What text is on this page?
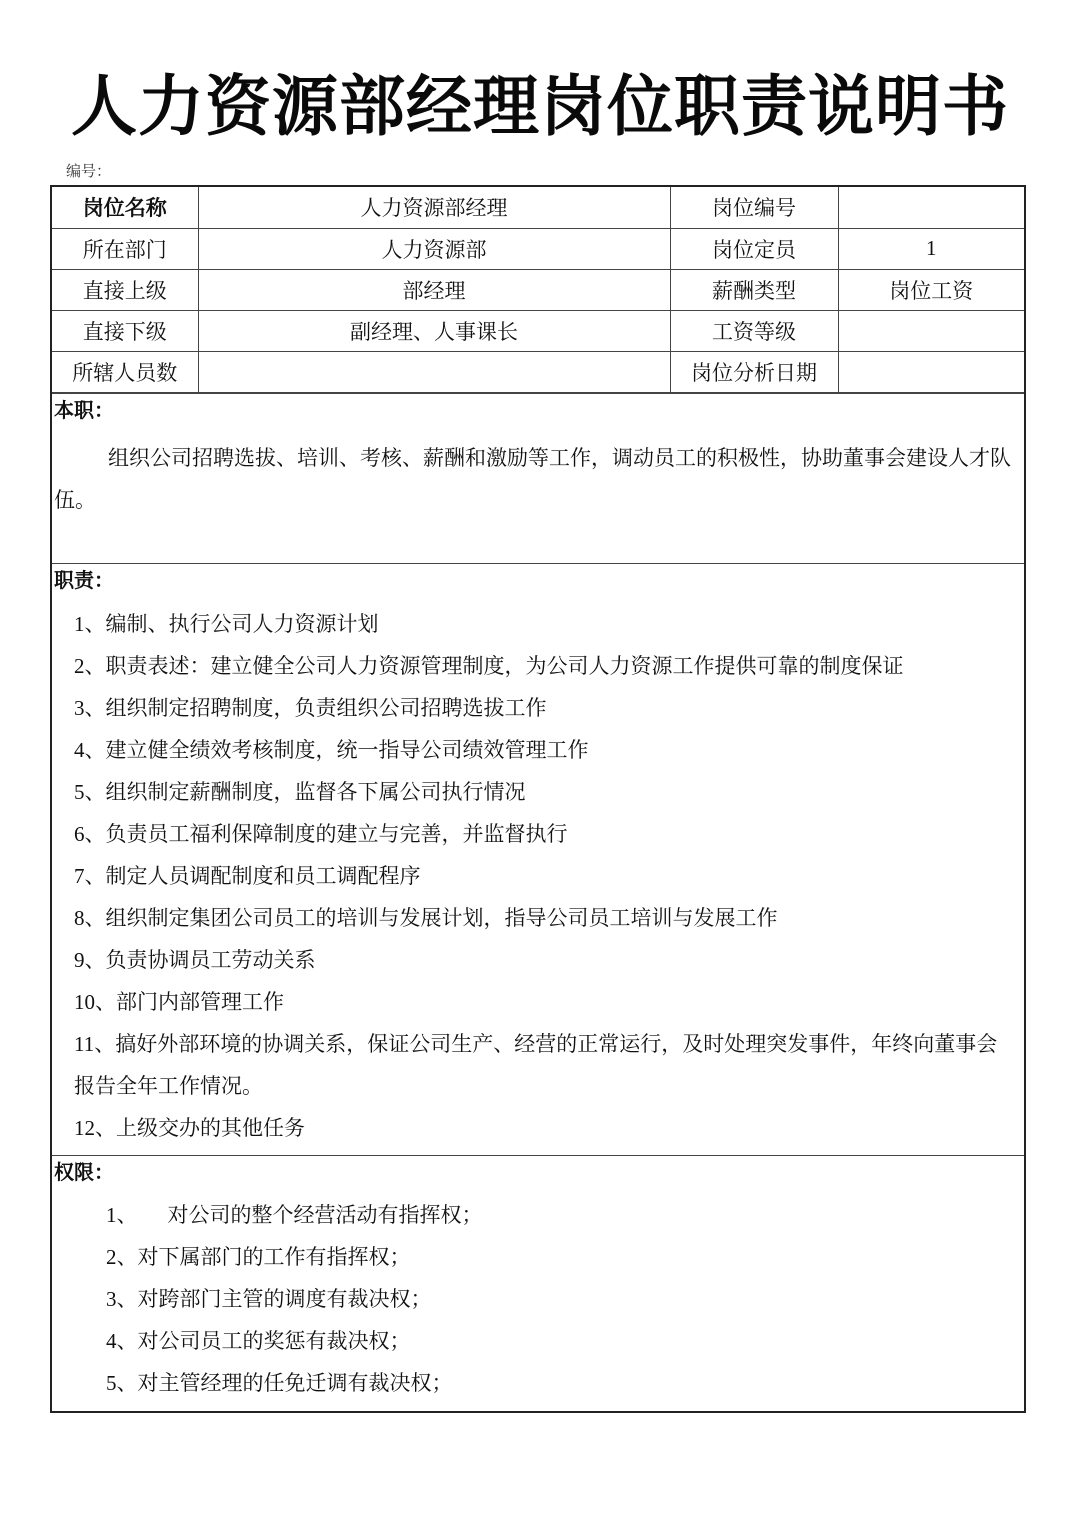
人力资源部经理岗位职责说明书
编号：
岗位名称	人力资源部经理	岗位编号	
所在部门	人力资源部	岗位定员	1
直接上级	部经理	薪酬类型	岗位工资
直接下级	副经理、人事课长	工资等级	
所辖人员数		岗位分析日期	
本职：
组织公司招聘选拔、培训、考核、薪酬和激励等工作，调动员工的积极性，协助董事会建设人才队伍。
职责：
1、编制、执行公司人力资源计划
2、职责表述：建立健全公司人力资源管理制度，为公司人力资源工作提供可靠的制度保证
3、组织制定招聘制度，负责组织公司招聘选拔工作
4、建立健全绩效考核制度，统一指导公司绩效管理工作
5、组织制定薪酬制度，监督各下属公司执行情况
6、负责员工福利保障制度的建立与完善，并监督执行
7、制定人员调配制度和员工调配程序
8、组织制定集团公司员工的培训与发展计划，指导公司员工培训与发展工作
9、负责协调员工劳动关系
10、部门内部管理工作
11、搞好外部环境的协调关系，保证公司生产、经营的正常运行，及时处理突发事件，年终向董事会报告全年工作情况。
12、上级交办的其他任务
权限：
1、 对公司的整个经营活动有指挥权；
2、对下属部门的工作有指挥权；
3、对跨部门主管的调度有裁决权；
4、对公司员工的奖惩有裁决权；
5、对主管经理的任免迁调有裁决权；
